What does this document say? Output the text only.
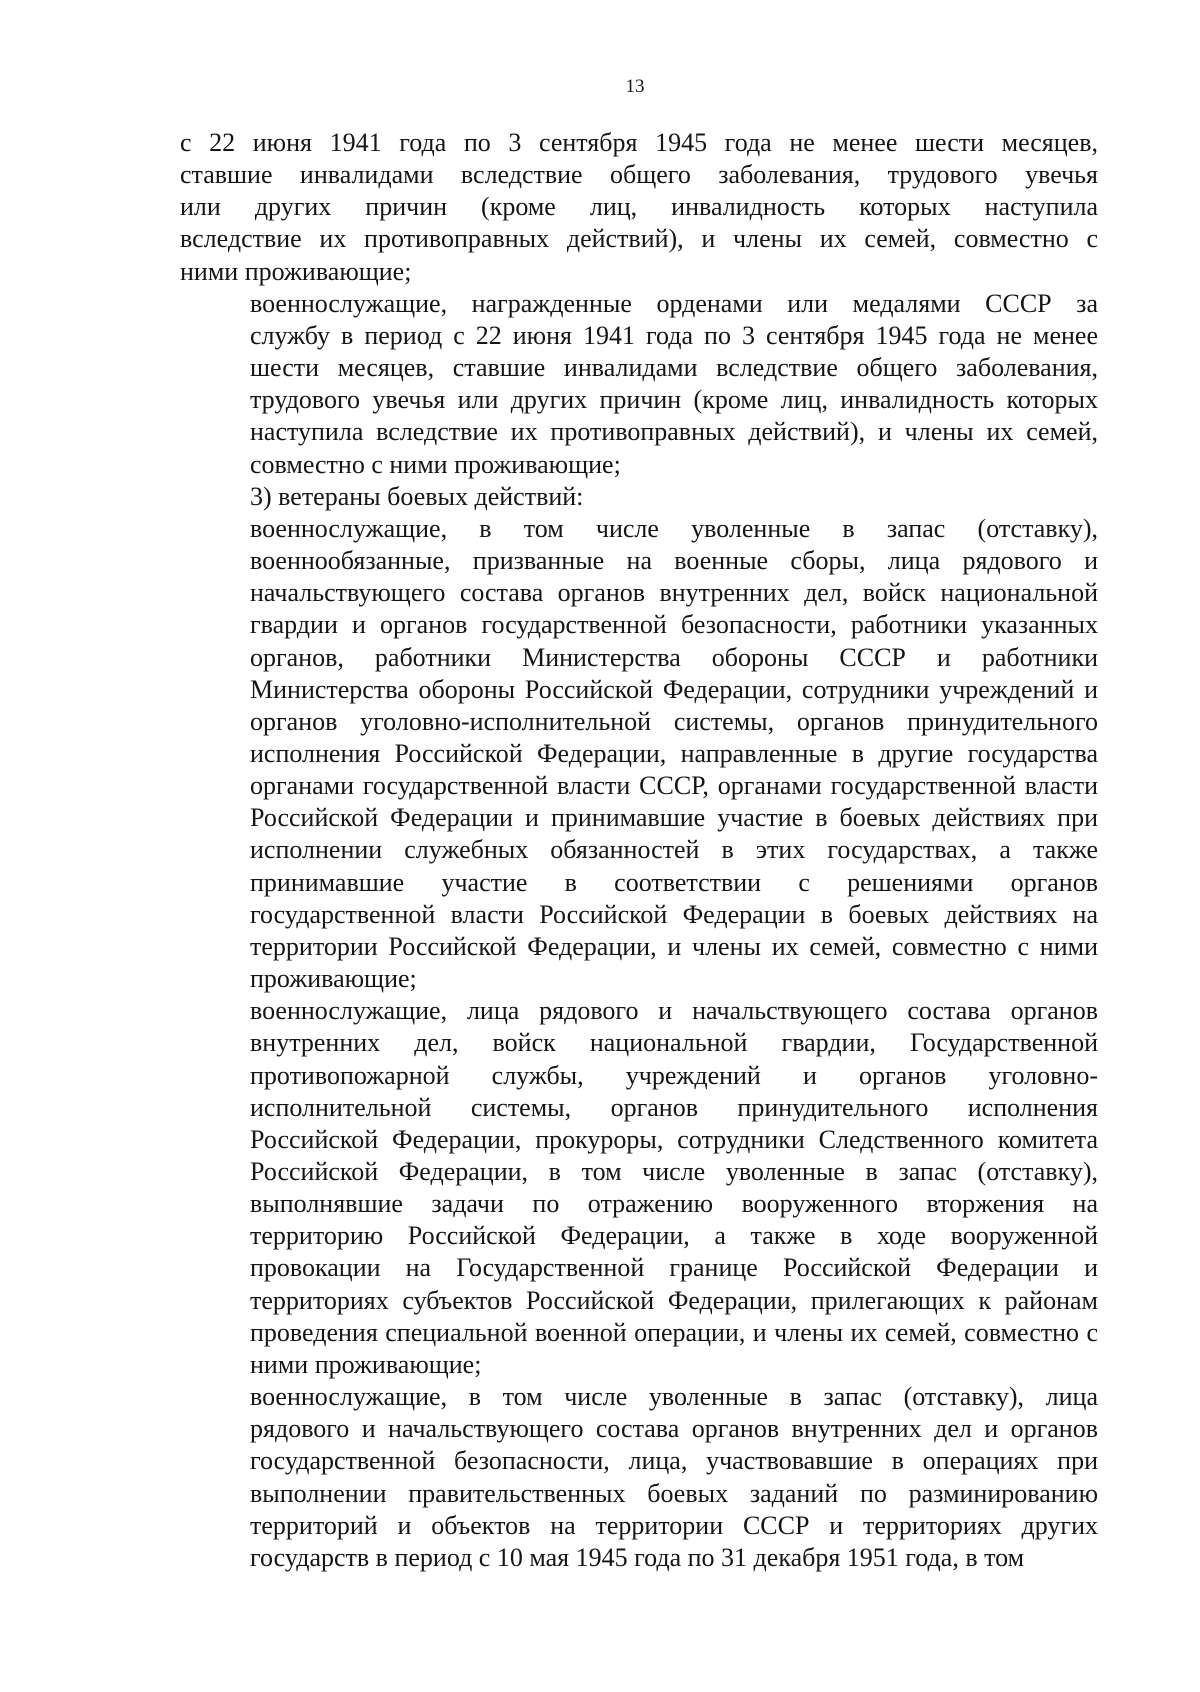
13

с 22 июня 1941 года по 3 сентября 1945 года не менее шести месяцев,
ставшие инвалидами вследствие общего заболевания, трудового увечья
или других причин (кроме лиц, инвалидность которых наступила
вследствие их противоправных действий), и члены их семей, совместно с
ними проживающие;

военнослужащие, награжденные орденами или медалями СССР за
службу в период с 22 июня 1941 года по 3 сентября 1945 года не менее
шести месяцев, ставшие инвалидами вследствие общего заболевания,
трудового увечья или других причин (кроме лиц, инвалидность которых
наступила вследствие их противоправных действий), и члены их семей,
совместно с ними проживающие;

3) ветераны боевых действий:

военнослужащие, в том числе уволенные в запас (отставку),
военнообязанные, призванные на военные сборы, лица рядового и
начальствующего состава органов внутренних дел, войск национальной
гвардии и органов государственной безопасности, работники указанных
органов, работники Министерства обороны СССР и работники
Министерства обороны Российской Федерации, сотрудники учреждений и
органов уголовно-исполнительной системы, органов принудительного
исполнения Российской Федерации, направленные в другие государства
органами государственной власти СССР, органами государственной власти
Российской Федерации и принимавшие участие в боевых действиях при
исполнении служебных обязанностей в этих государствах, а также
принимавшие участие в соответствии с решениями органов
государственной власти Российской Федерации в боевых действиях на
территории Российской Федерации, и члены их семей, совместно с ними
проживающие;

военнослужащие, лица рядового и начальствующего состава органов
внутренних дел, войск национальной гвардии, Государственной
противопожарной службы, учреждений и органов уголовно-
исполнительной системы, органов принудительного исполнения
Российской Федерации, прокуроры, сотрудники Следственного комитета
Российской Федерации, в том числе уволенные в запас (отставку),
выполнявшие задачи по отражению вооруженного вторжения на
территорию Российской Федерации, а также в ходе вооруженной
провокации на Государственной границе Российской Федерации и
территориях субъектов Российской Федерации, прилегающих к районам
проведения специальной военной операции, и члены их семей, совместно с
ними проживающие;

военнослужащие, в том числе уволенные в запас (отставку), лица
рядового и начальствующего состава органов внутренних дел и органов
государственной безопасности, лица, участвовавшие в операциях при
выполнении правительственных боевых заданий по разминированию
территорий и объектов на территории СССР и территориях других
государств в период с 10 мая 1945 года по 31 декабря 1951 года, в том
